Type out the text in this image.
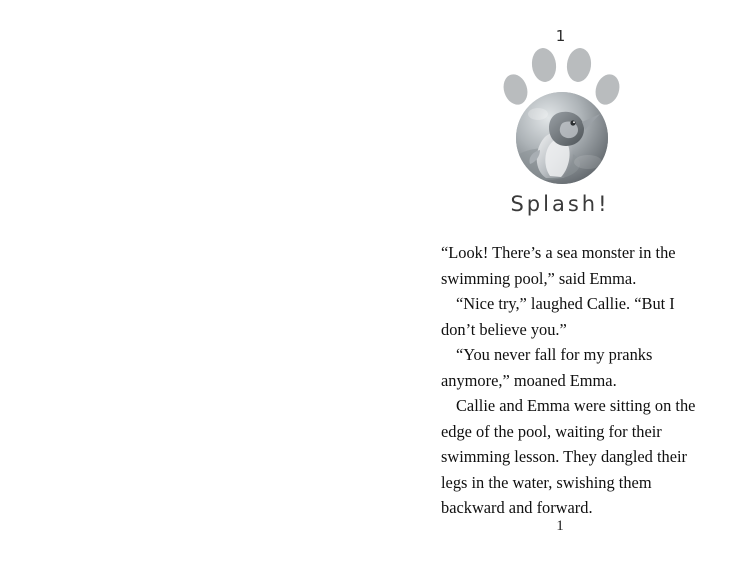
1
Splash!

“Look! There’s a sea monster in the swimming pool,” said Emma.

“Nice try,” laughed Callie. “But I don’t believe you.”

“You never fall for my pranks anymore,” moaned Emma.

Callie and Emma were sitting on the edge of the pool, waiting for their swimming lesson. They dangled their legs in the water, swishing them backward and forward.

1
